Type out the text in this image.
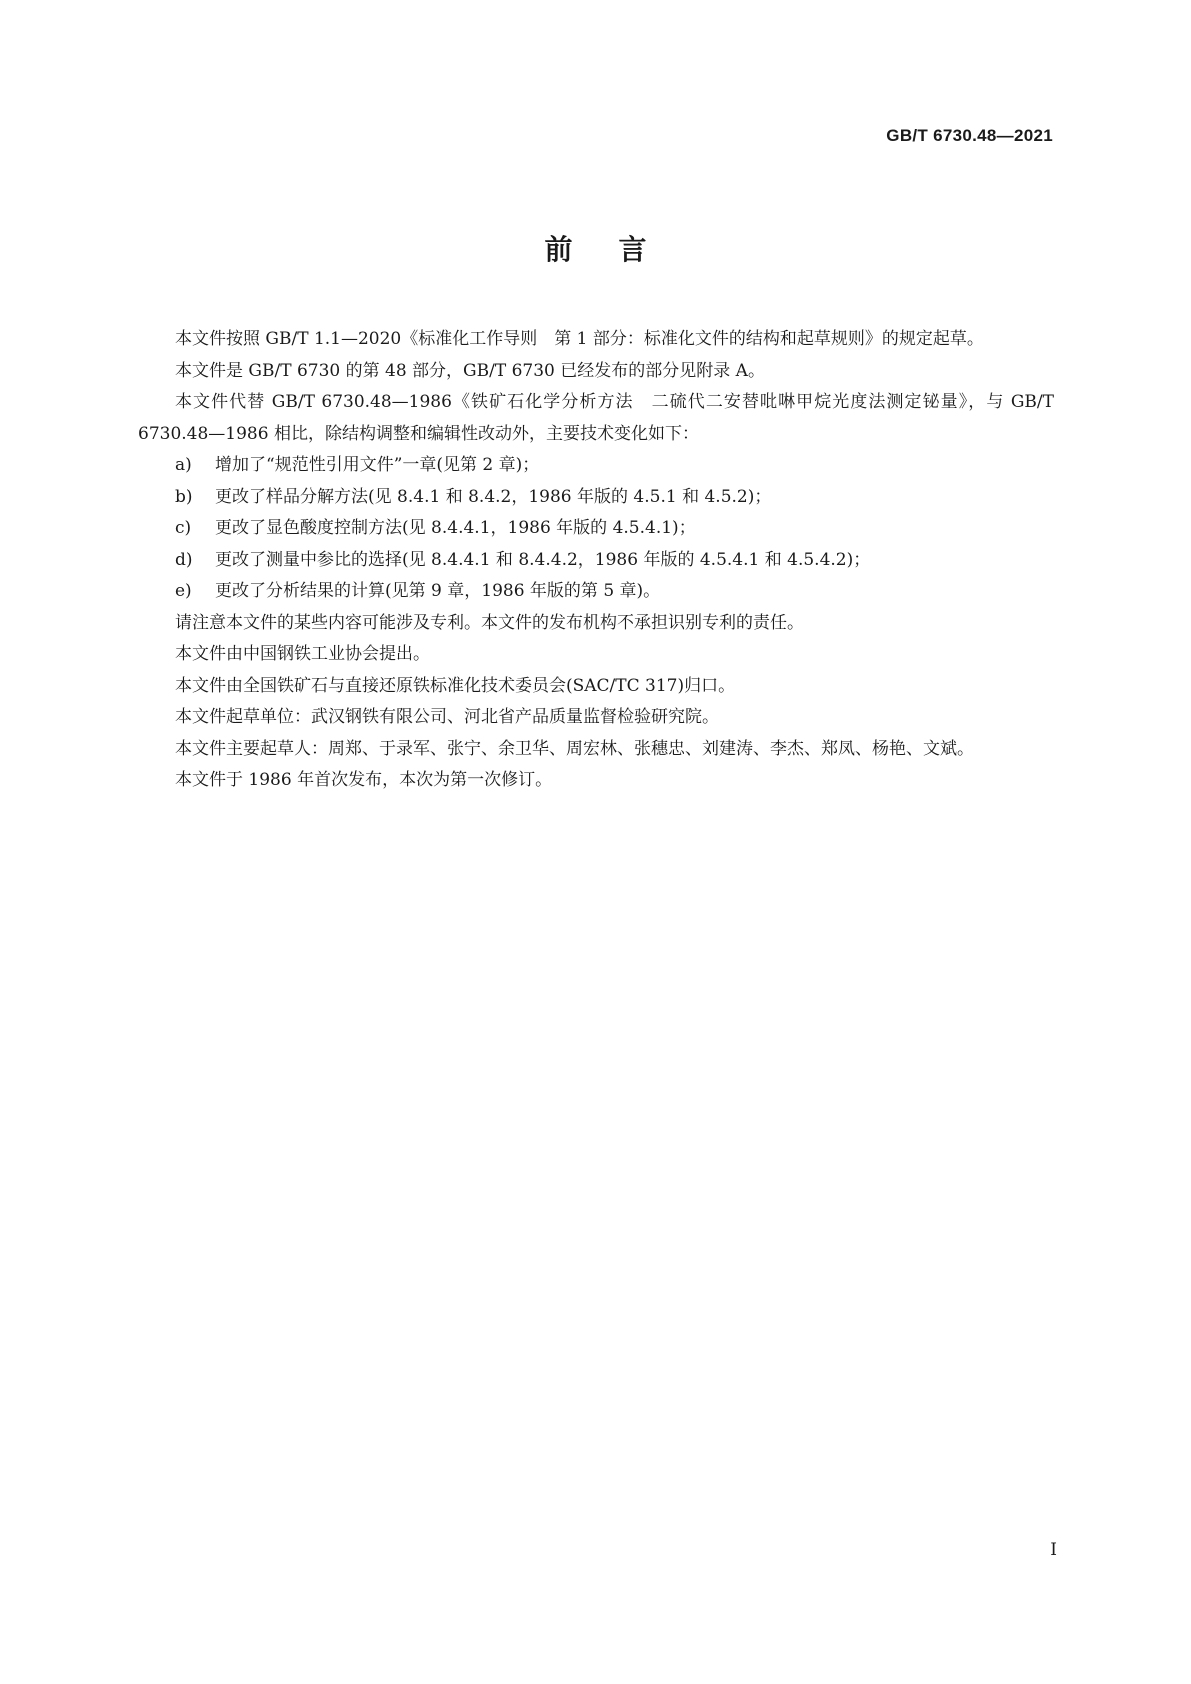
GB/T 6730.48—2021
前言

本文件按照 GB/T 1.1—2020《标准化工作导则　第 1 部分：标准化文件的结构和起草规则》的规定起草。

本文件是 GB/T 6730 的第 48 部分，GB/T 6730 已经发布的部分见附录 A。

本文件代替 GB/T 6730.48—1986《铁矿石化学分析方法　二硫代二安替吡啉甲烷光度法测定铋量》，与 GB/T 6730.48—1986 相比，除结构调整和编辑性改动外，主要技术变化如下：

a) 增加了“规范性引用文件”一章(见第 2 章)；

b) 更改了样品分解方法(见 8.4.1 和 8.4.2，1986 年版的 4.5.1 和 4.5.2)；

c) 更改了显色酸度控制方法(见 8.4.4.1，1986 年版的 4.5.4.1)；

d) 更改了测量中参比的选择(见 8.4.4.1 和 8.4.4.2，1986 年版的 4.5.4.1 和 4.5.4.2)；

e) 更改了分析结果的计算(见第 9 章，1986 年版的第 5 章)。

请注意本文件的某些内容可能涉及专利。本文件的发布机构不承担识别专利的责任。

本文件由中国钢铁工业协会提出。

本文件由全国铁矿石与直接还原铁标准化技术委员会(SAC/TC 317)归口。

本文件起草单位：武汉钢铁有限公司、河北省产品质量监督检验研究院。

本文件主要起草人：周郑、于录军、张宁、余卫华、周宏林、张穗忠、刘建涛、李杰、郑凤、杨艳、文斌。

本文件于 1986 年首次发布，本次为第一次修订。

I
